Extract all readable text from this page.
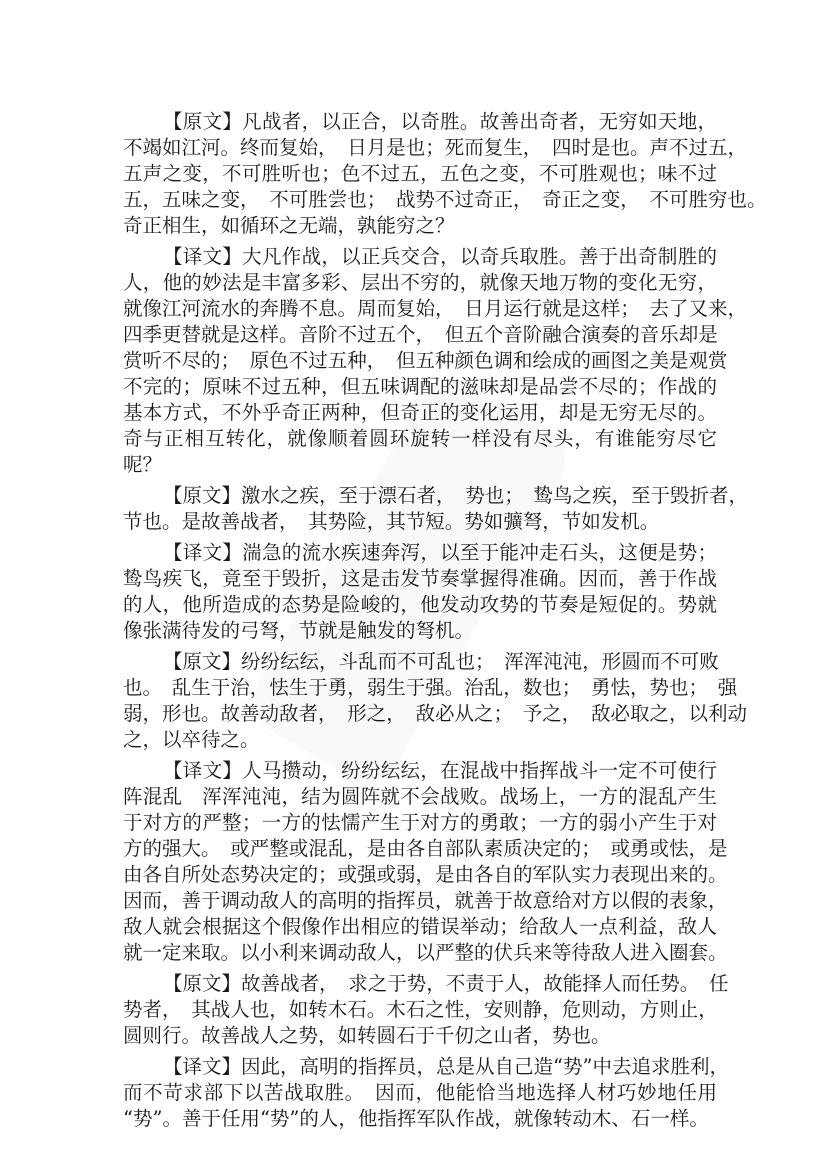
【原文】凡战者，以正合，以奇胜。故善出奇者，无穷如天地，
不竭如江河。终而复始，　日月是也；死而复生，　四时是也。声不过五，
五声之变，不可胜听也；色不过五，五色之变，不可胜观也；味不过
五，五味之变，　不可胜尝也；　战势不过奇正，　奇正之变，　不可胜穷也。
奇正相生，如循环之无端，孰能穷之？
【译文】大凡作战，以正兵交合，以奇兵取胜。善于出奇制胜的
人，他的妙法是丰富多彩、层出不穷的，就像天地万物的变化无穷，
就像江河流水的奔腾不息。周而复始，　日月运行就是这样；　去了又来，
四季更替就是这样。音阶不过五个，　但五个音阶融合演奏的音乐却是
赏听不尽的；　原色不过五种，　但五种颜色调和绘成的画图之美是观赏
不完的；原味不过五种，但五味调配的滋味却是品尝不尽的；作战的
基本方式，不外乎奇正两种，但奇正的变化运用，却是无穷无尽的。
奇与正相互转化，就像顺着圆环旋转一样没有尽头，有谁能穷尽它
呢？
【原文】激水之疾，至于漂石者，　势也；　鸷鸟之疾，至于毁折者，
节也。是故善战者，　其势险，其节短。势如彍弩，节如发机。
【译文】湍急的流水疾速奔泻，以至于能冲走石头，这便是势；
鸷鸟疾飞，竟至于毁折，这是击发节奏掌握得准确。因而，善于作战
的人，他所造成的态势是险峻的，他发动攻势的节奏是短促的。势就
像张满待发的弓弩，节就是触发的弩机。
【原文】纷纷纭纭，斗乱而不可乱也；　浑浑沌沌，形圆而不可败
也。　乱生于治，怯生于勇，弱生于强。治乱，数也；　勇怯，势也；　强
弱，形也。故善动敌者，　形之，　敌必从之；　予之，　敌必取之，以利动
之，以卒待之。
【译文】人马攒动，纷纷纭纭，在混战中指挥战斗一定不可使行
阵混乱　浑浑沌沌，结为圆阵就不会战败。战场上，一方的混乱产生
于对方的严整；一方的怯懦产生于对方的勇敢；一方的弱小产生于对
方的强大。　或严整或混乱，是由各自部队素质决定的；　或勇或怯，是
由各自所处态势决定的；或强或弱，是由各自的军队实力表现出来的。
因而，善于调动敌人的高明的指挥员，就善于故意给对方以假的表象，
敌人就会根据这个假像作出相应的错误举动；给敌人一点利益，敌人
就一定来取。以小利来调动敌人，以严整的伏兵来等待敌人进入圈套。
【原文】故善战者，　求之于势，不责于人，故能择人而任势。　任
势者，　其战人也，如转木石。木石之性，安则静，危则动，方则止，
圆则行。故善战人之势，如转圆石于千仞之山者，势也。
【译文】因此，高明的指挥员，总是从自己造“势”中去追求胜利，
而不苛求部下以苦战取胜。　因而，他能恰当地选择人材巧妙地任用
“势”。善于任用“势”的人，他指挥军队作战，就像转动木、石一样。
